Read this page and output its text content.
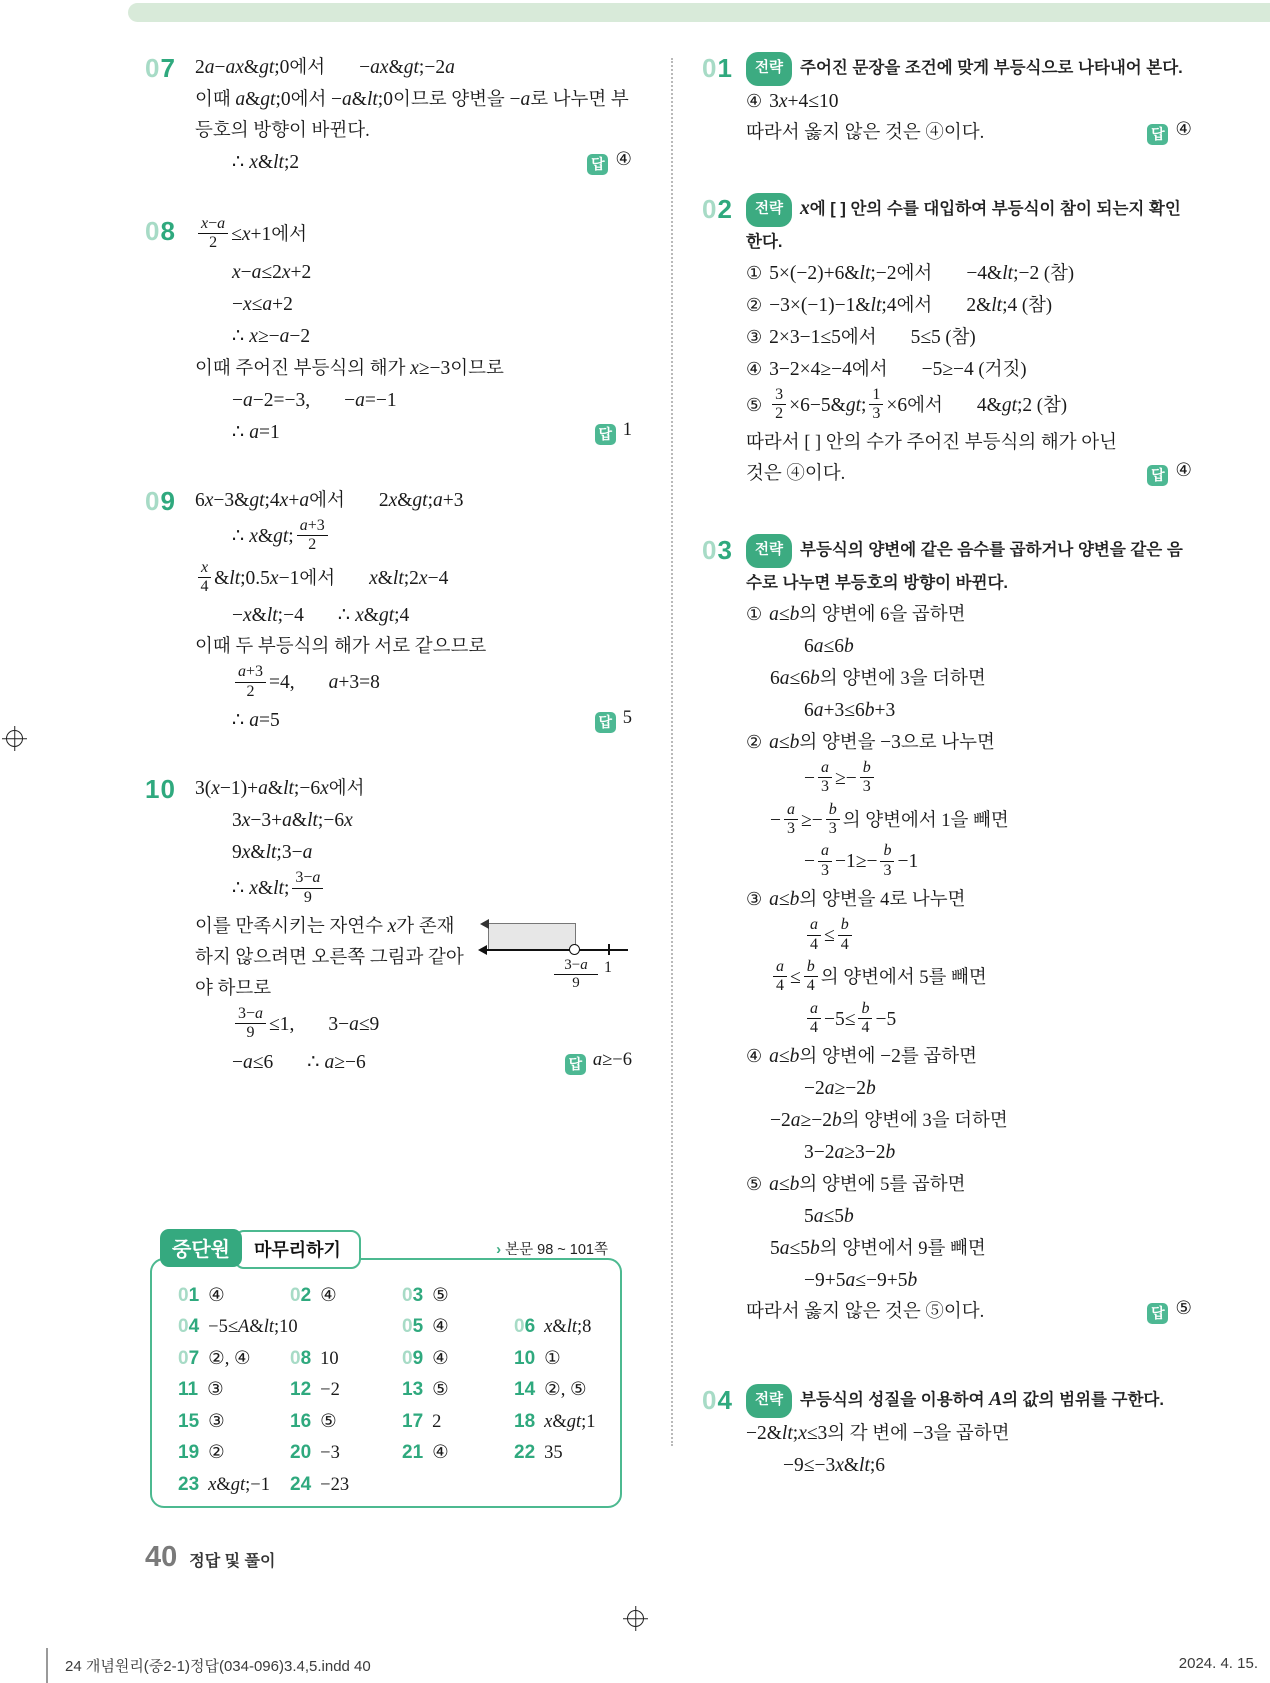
07 2a−ax&gt;0에서 −ax&gt;−2a
이때 a&gt;0에서 −a&lt;0이므로 양변을 −a로 나누면 부등호의 방향이 바뀐다.
∴ x&lt;2	답 ④
$08 \frac{x-a}{2} \le x+1$에서
x−a≤2x+2
−x≤a+2
∴ x≥−a−2
이때 주어진 부등식의 해가 x≥−3이므로
−a−2=−3, −a=−1
∴ a=1	답 1
09 6x−3&gt;4x+a에서 2x&gt;a+3
∴ x&gt; $\frac{a+3}{2}$
$\frac{x}{4}$ &lt;0.5x−1에서 x&lt;2x−4
−x&lt;−4 ∴ x&gt;4
이때 두 부등식의 해가 서로 같으므로
$\frac{a+3}{2} =4$, a+3=8
∴ a=5	답 5
10 3(x−1)+a&lt;−6x에서
3x−3+a&lt;−6x
9x&lt;3−a
∴ x&lt; $\frac{3-a}{9}$
$\frac{3-a}{9} 1$
이를 만족시키는 자연수 x가 존재하지 않으려면 오른쪽 그림과 같아야 하므로
$\frac{3-a}{9} \le 1$, 3−a≤9
−a≤6 ∴ a≥−6	답 a≥−6
01	전략 주어진 문장을 조건에 맞게 부등식으로 나타내어 본다.
④ 3x+4≤10
따라서 옳지 않은 것은 ④이다.	답 ④
02	전략 x에 [ ] 안의 수를 대입하여 부등식이 참이 되는지 확인한다.
① 5×(−2)+6&lt;−2에서 −4&lt;−2 (참)
② −3×(−1)−1&lt;4에서 2&lt;4 (참)
③ 2×3−1≤5에서 5≤5 (참)
④ 3−2×4≥−4에서 −5≥−4 (거짓)
⑤ $\frac{3}{2}$ ×6−5&gt; $\frac{1}{3} \times 6$에서 4&gt;2 (참)
따라서 [ ] 안의 수가 주어진 부등식의 해가 아닌 것은 ④이다.	답 ④
03	전략 부등식의 양변에 같은 음수를 곱하거나 양변을 같은 음수로 나누면 부등호의 방향이 바뀐다.
① a≤b의 양변에 6을 곱하면
6a≤6b
6a≤6b의 양변에 3을 더하면
6a+3≤6b+3
② a≤b의 양변을 −3으로 나누면
− $\frac{a}{3} \ge- \frac{b}{3}$
− $\frac{a}{3} \ge- \frac{b}{3}$ 의 양변에서 1을 빼면
− $\frac{a}{3} -1\ge- \frac{b}{3} -1$
③ a≤b의 양변을 4로 나누면
$\frac{a}{4} \le \frac{b}{4}$
$\frac{a}{4} \le \frac{b}{4}$ 의 양변에서 5를 빼면
$\frac{a}{4} -5\le \frac{b}{4} -5$
④ a≤b의 양변에 −2를 곱하면
−2a≥−2b
−2a≥−2b의 양변에 3을 더하면
3−2a≥3−2b
⑤ a≤b의 양변에 5를 곱하면
5a≤5b
5a≤5b의 양변에서 9를 빼면
−9+5a≤−9+5b
따라서 옳지 않은 것은 ⑤이다.	답 ⑤
04	전략 부등식의 성질을 이용하여 A의 값의 범위를 구한다.
−2&lt;x≤3의 각 변에 −3을 곱하면
−9≤−3x&lt;6
중단원 마무리하기	› 본문 98 ~ 101쪽
01 ④	02 ④	03 ⑤
04 −5≤A&lt;10	05 ④	06 x&lt;8
07 ②, ④	08 10	09 ④	10 ①
11 ③	12 −2	13 ⑤	14 ②, ⑤
15 ③	16 ⑤	17 2	18 x&gt;1
19 ②	20 −3	21 ④	22 35
23 x&gt;−1	24 −23
40 정답 및 풀이
24 개념원리(중2-1)정답(034-096)3.4,5.indd 40	2024. 4. 15.
